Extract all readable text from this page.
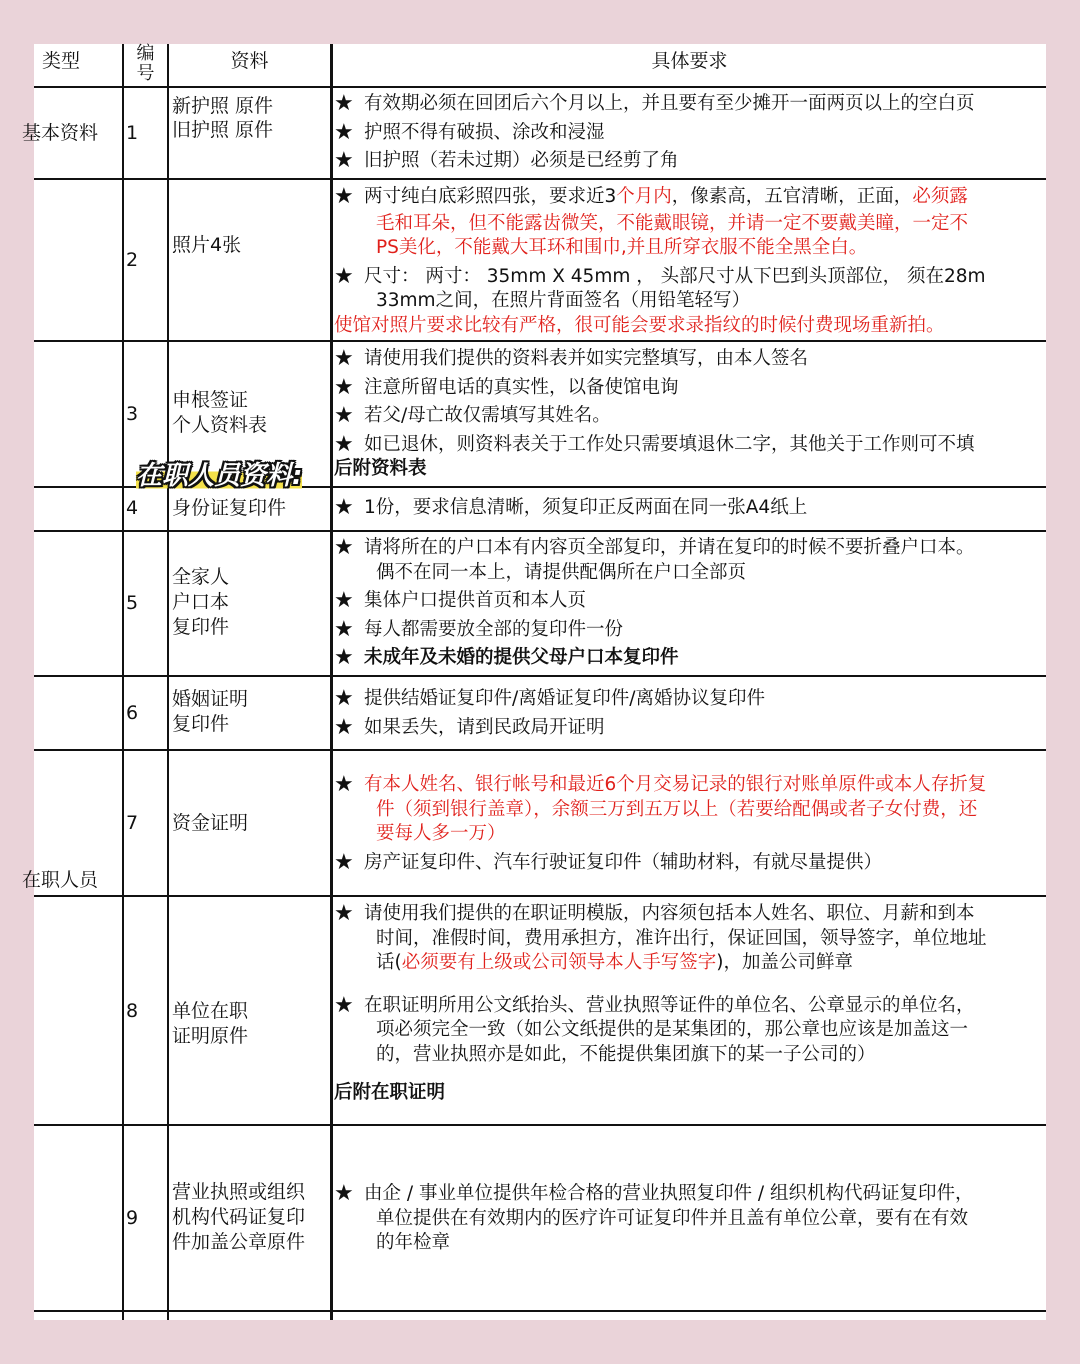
类型	编号
资料	具体要求
基本资料
在职人员
1
2
3
4
5
6
7
8
9
新护照 原件
旧护照 原件
照片4张
申根签证
个人资料表
身份证复印件
全家人
户口本
复印件
婚姻证明
复印件
资金证明
单位在职
证明原件
营业执照或组织
机构代码证复印
件加盖公章原件
★ 有效期必须在回团后六个月以上，并且要有至少摊开一面两页以上的空白页
★ 护照不得有破损、涂改和浸湿
★ 旧护照（若未过期）必须是已经剪了角
★ 两寸纯白底彩照四张，要求近3个月内，像素高，五官清晰，正面，必须露
毛和耳朵，但不能露齿微笑，不能戴眼镜，并请一定不要戴美瞳，一定不
PS美化，不能戴大耳环和围巾,并且所穿衣服不能全黑全白。
★ 尺寸： 两寸： 35mm X 45mm ， 头部尺寸从下巴到头顶部位， 须在28m
33mm之间，在照片背面签名（用铅笔轻写）
使馆对照片要求比较有严格，很可能会要求录指纹的时候付费现场重新拍。
★ 请使用我们提供的资料表并如实完整填写，由本人签名
★ 注意所留电话的真实性，以备使馆电询
★ 若父/母亡故仅需填写其姓名。
★ 如已退休，则资料表关于工作处只需要填退休二字，其他关于工作则可不填
后附资料表
★ 1份，要求信息清晰，须复印正反两面在同一张A4纸上
★ 请将所在的户口本有内容页全部复印，并请在复印的时候不要折叠户口本。
偶不在同一本上，请提供配偶所在户口全部页
★ 集体户口提供首页和本人页
★ 每人都需要放全部的复印件一份
★ 未成年及未婚的提供父母户口本复印件
★ 提供结婚证复印件/离婚证复印件/离婚协议复印件
★ 如果丢失，请到民政局开证明
★ 有本人姓名、银行帐号和最近6个月交易记录的银行对账单原件或本人存折复
件（须到银行盖章），余额三万到五万以上（若要给配偶或者子女付费，还
要每人多一万）
★ 房产证复印件、汽车行驶证复印件（辅助材料，有就尽量提供）
★ 请使用我们提供的在职证明模版，内容须包括本人姓名、职位、月薪和到本
时间，准假时间，费用承担方，准许出行，保证回国，领导签字，单位地址
话(必须要有上级或公司领导本人手写签字)，加盖公司鲜章
★ 在职证明所用公文纸抬头、营业执照等证件的单位名、公章显示的单位名，
项必须完全一致（如公文纸提供的是某集团的，那公章也应该是加盖这一
的，营业执照亦是如此，不能提供集团旗下的某一子公司的）
后附在职证明
★ 由企 / 事业单位提供年检合格的营业执照复印件 / 组织机构代码证复印件，
单位提供在有效期内的医疗许可证复印件并且盖有单位公章，要有在有效
的年检章
在职人员资料:
